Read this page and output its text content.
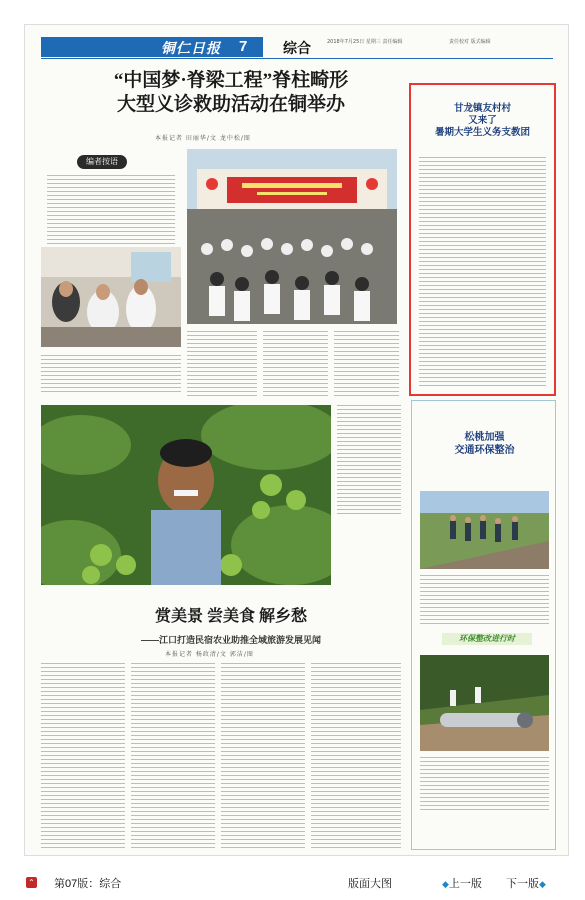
铜仁日报 7	综合	2018年7月25日 星期三 责任编辑	责任校对 版式编辑
“中国梦·脊梁工程”脊柱畸形
大型义诊救助活动在铜举办
本报记者 田丽华/文 龙中松/图
编者按语
甘龙镇友村村
又来了
暑期大学生义务支教团
松桃加强
交通环保整治
环保整改进行时
赏美景 尝美食 解乡愁
——江口打造民宿农业助推全域旅游发展见闻
本报记者 杨政清/文 郭洁/图
⌃ 第07版：综合	版面大图	◆上一版 下一版◆
